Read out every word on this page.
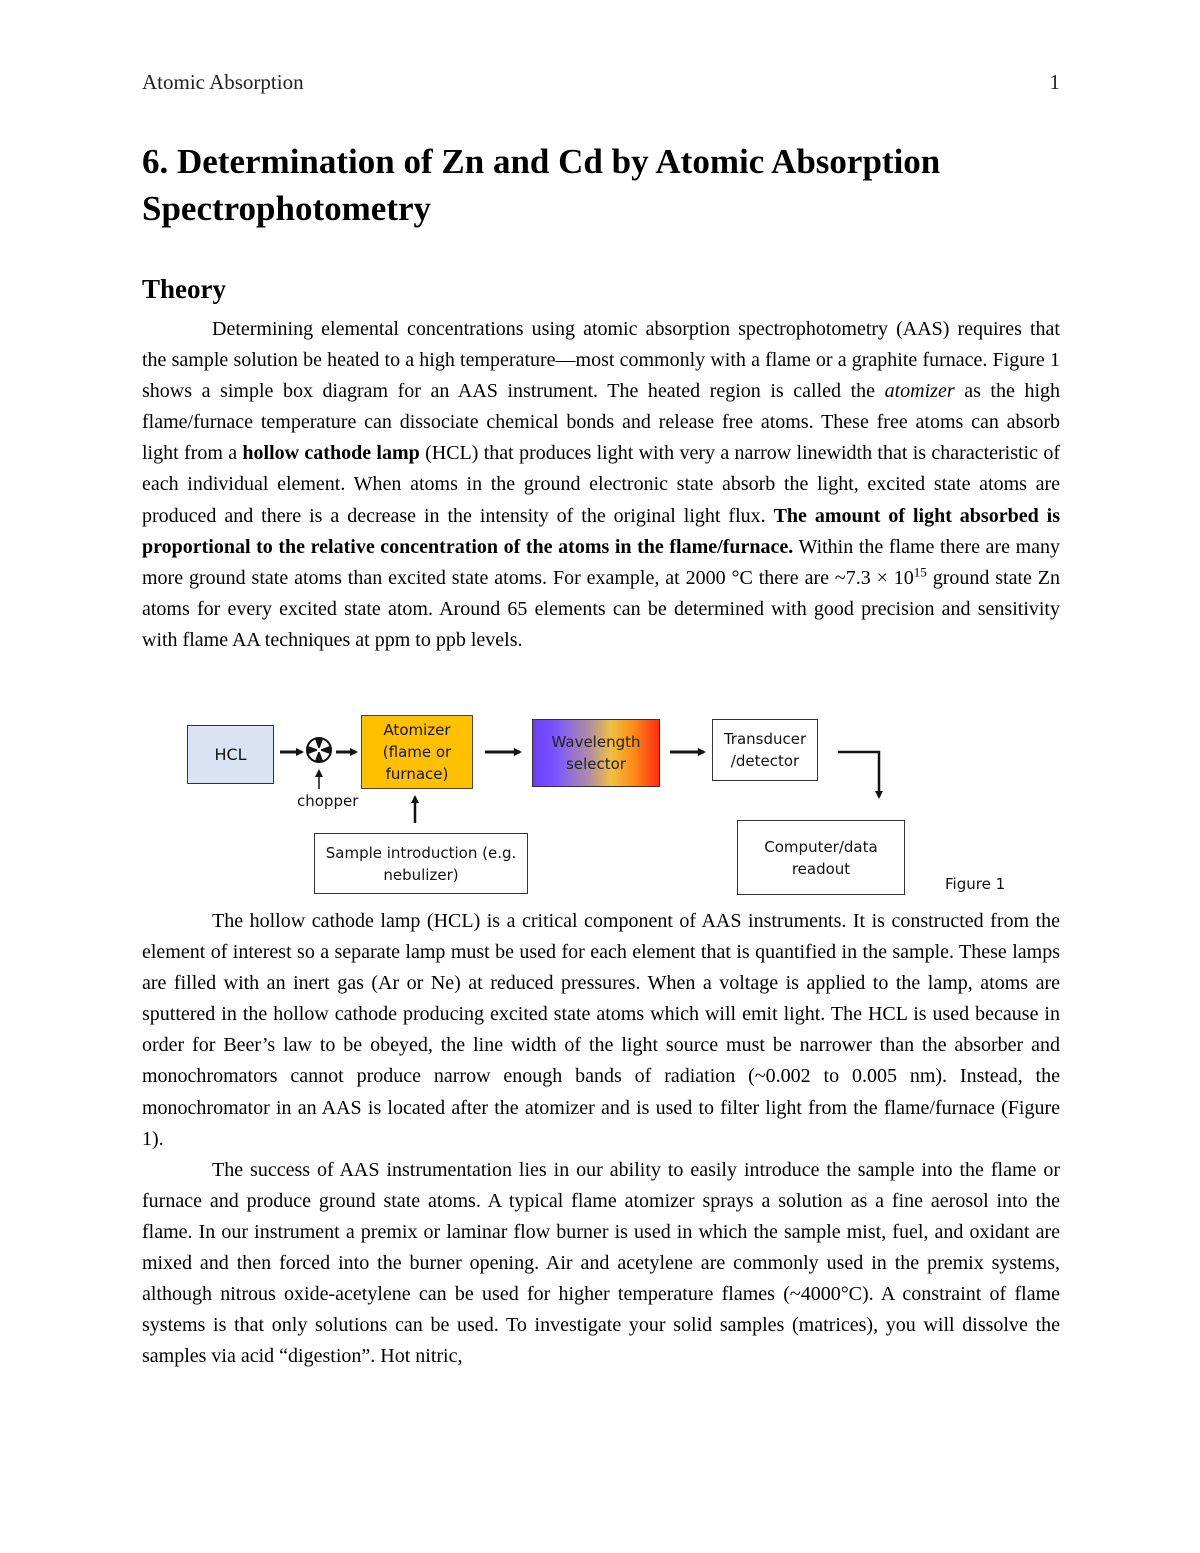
Atomic Absorption	1
6. Determination of Zn and Cd by Atomic Absorption Spectrophotometry
Theory

Determining elemental concentrations using atomic absorption spectrophotometry (AAS) requires that the sample solution be heated to a high temperature—most commonly with a flame or a graphite furnace. Figure 1 shows a simple box diagram for an AAS instrument. The heated region is called the atomizer as the high flame/furnace temperature can dissociate chemical bonds and release free atoms. These free atoms can absorb light from a hollow cathode lamp (HCL) that produces light with very a narrow linewidth that is characteristic of each individual element. When atoms in the ground electronic state absorb the light, excited state atoms are produced and there is a decrease in the intensity of the original light flux. The amount of light absorbed is proportional to the relative concentration of the atoms in the flame/furnace. Within the flame there are many more ground state atoms than excited state atoms. For example, at 2000 °C there are ~7.3 × $10^{15}$ ground state Zn atoms for every excited state atom. Around 65 elements can be determined with good precision and sensitivity with flame AA techniques at ppm to ppb levels.

HCL
Atomizer
(flame or
furnace)
Wavelength
selector
Transducer
/detector
Computer/data
readout
Sample introduction (e.g.
nebulizer)
chopper
Figure 1

The hollow cathode lamp (HCL) is a critical component of AAS instruments. It is constructed from the element of interest so a separate lamp must be used for each element that is quantified in the sample. These lamps are filled with an inert gas (Ar or Ne) at reduced pressures. When a voltage is applied to the lamp, atoms are sputtered in the hollow cathode producing excited state atoms which will emit light. The HCL is used because in order for Beer’s law to be obeyed, the line width of the light source must be narrower than the absorber and monochromators cannot produce narrow enough bands of radiation (~0.002 to 0.005 nm). Instead, the monochromator in an AAS is located after the atomizer and is used to filter light from the flame/furnace (Figure 1).

The success of AAS instrumentation lies in our ability to easily introduce the sample into the flame or furnace and produce ground state atoms. A typical flame atomizer sprays a solution as a fine aerosol into the flame. In our instrument a premix or laminar flow burner is used in which the sample mist, fuel, and oxidant are mixed and then forced into the burner opening. Air and acetylene are commonly used in the premix systems, although nitrous oxide-acetylene can be used for higher temperature flames (~4000°C). A constraint of flame systems is that only solutions can be used. To investigate your solid samples (matrices), you will dissolve the samples via acid “digestion”. Hot nitric,
